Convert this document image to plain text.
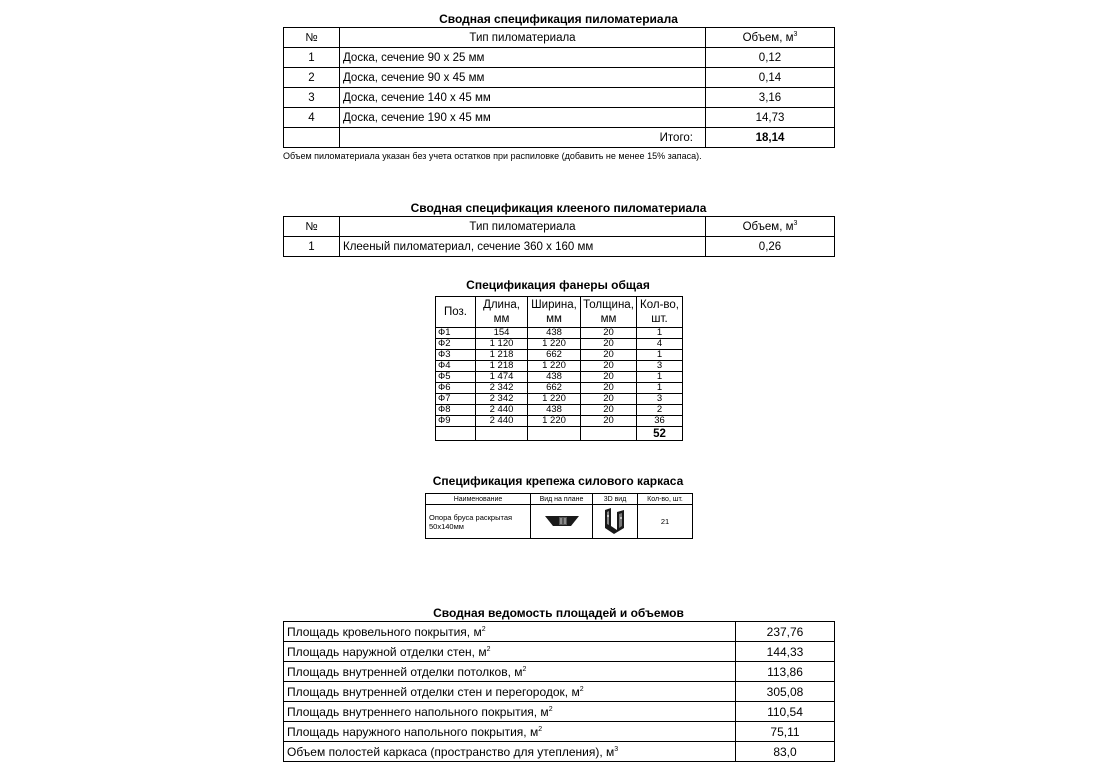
Сводная спецификация пиломатериала
№	Тип пиломатериала	Объем, $м^3$
1	Доска, сечение 90 х 25 мм	0,12
2	Доска, сечение 90 х 45 мм	0,14
3	Доска, сечение 140 х 45 мм	3,16
4	Доска, сечение 190 х 45 мм	14,73
	Итого:	18,14
Объем пиломатериала указан без учета остатков при распиловке (добавить не менее 15% запаса).
Сводная спецификация клееного пиломатериала
№	Тип пиломатериала	Объем, $м^3$
1	Клееный пиломатериал, сечение 360 х 160 мм	0,26
Спецификация фанеры общая
Поз.	Длина, мм	Ширина, мм	Толщина, мм	Кол-во, шт.
Ф1	154	438	20	1
Ф2	1 120	1 220	20	4
Ф3	1 218	662	20	1
Ф4	1 218	1 220	20	3
Ф5	1 474	438	20	1
Ф6	2 342	662	20	1
Ф7	2 342	1 220	20	3
Ф8	2 440	438	20	2
Ф9	2 440	1 220	20	36
				52
Спецификация крепежа силового каркаса
Наименование	Вид на плане	3D вид	Кол-во, шт.
Опора бруса раскрытая 50х140мм			21
Сводная ведомость площадей и объемов
Площадь кровельного покрытия, $м^2$	237,76
Площадь наружной отделки стен, $м^2$	144,33
Площадь внутренней отделки потолков, $м^2$	113,86
Площадь внутренней отделки стен и перегородок, $м^2$	305,08
Площадь внутреннего напольного покрытия, $м^2$	110,54
Площадь наружного напольного покрытия, $м^2$	75,11
Объем полостей каркаса (пространство для утепления), $м^3$	83,0
